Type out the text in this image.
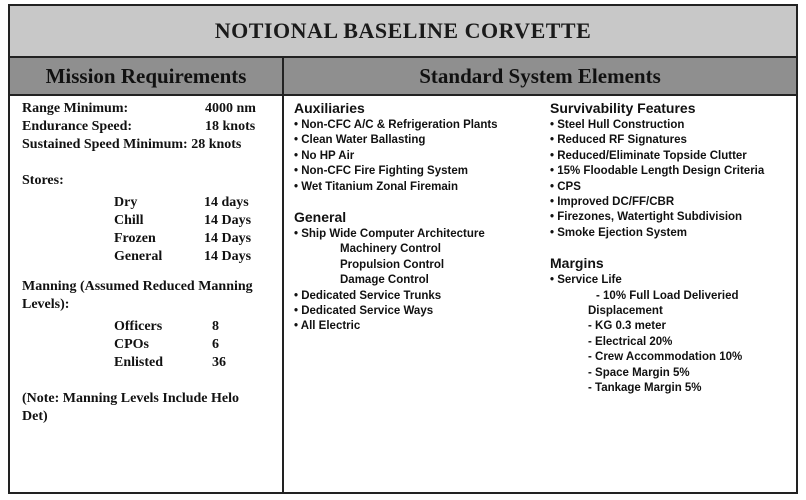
NOTIONAL BASELINE CORVETTE
Mission Requirements	Standard System Elements
Range Minimum:	4000 nm
Endurance Speed:	18 knots
Sustained Speed Minimum: 28 knots
Stores:
Dry	14 days
Chill	14 Days
Frozen	14 Days
General	14 Days
Manning (Assumed Reduced Manning
Levels):
Officers	8
CPOs	6
Enlisted	36
(Note: Manning Levels Include Helo
Det)
Auxiliaries
• Non-CFC A/C & Refrigeration Plants
• Clean Water Ballasting
• No HP Air
• Non-CFC Fire Fighting System
• Wet Titanium Zonal Firemain
General
• Ship Wide Computer Architecture
Machinery Control
Propulsion Control
Damage Control
• Dedicated Service Trunks
• Dedicated Service Ways
• All Electric
Survivability Features
• Steel Hull Construction
• Reduced RF Signatures
• Reduced/Eliminate Topside Clutter
• 15% Floodable Length Design Criteria
• CPS
• Improved DC/FF/CBR
• Firezones, Watertight Subdivision
• Smoke Ejection System
Margins
• Service Life
- 10% Full Load Deliveried
Displacement
- KG 0.3 meter
- Electrical 20%
- Crew Accommodation 10%
- Space Margin 5%
- Tankage Margin 5%
